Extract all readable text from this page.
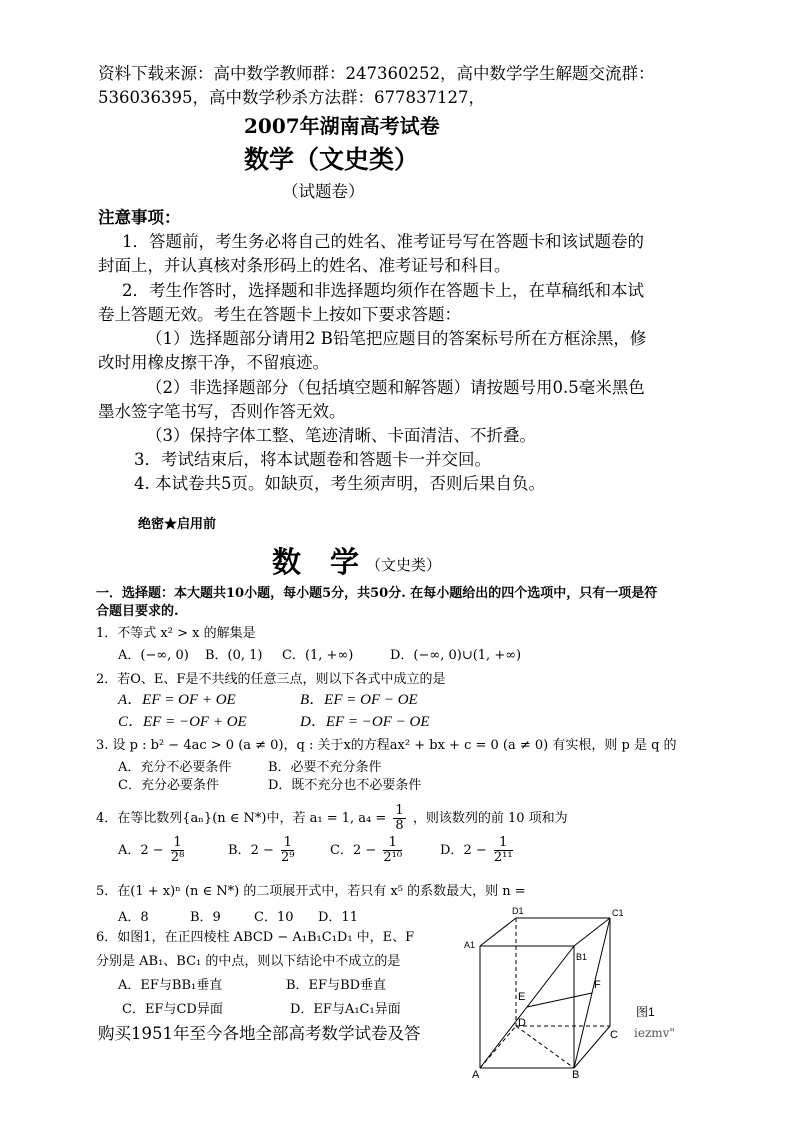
资料下载来源：高中数学教师群：247360252，高中数学学生解题交流群：
536036395，高中数学秒杀方法群：677837127，
2007年湖南高考试卷
数学（文史类）
（试题卷）
注意事项：
1．答题前，考生务必将自己的姓名、准考证号写在答题卡和该试题卷的
封面上，并认真核对条形码上的姓名、准考证号和科目。
2．考生作答时，选择题和非选择题均须作在答题卡上，在草稿纸和本试
卷上答题无效。考生在答题卡上按如下要求答题：
（1）选择题部分请用2 B铅笔把应题目的答案标号所在方框涂黑，修
改时用橡皮擦干净，不留痕迹。
（2）非选择题部分（包括填空题和解答题）请按题号用0.5毫米黑色
墨水签字笔书写，否则作答无效。
（3）保持字体工整、笔迹清晰、卡面清洁、不折叠。
3．考试结束后，将本试题卷和答题卡一并交回。
4. 本试卷共5页。如缺页，考生须声明，否则后果自负。
绝密★启用前
数　学 （文史类）
一．选择题：本大题共10小题，每小题5分，共50分. 在每小题给出的四个选项中，只有一项是符
合题目要求的.
1．不等式 x² > x 的解集是
A．(−∞, 0) B．(0, 1) C．(1, +∞)	D．(−∞, 0)∪(1, +∞)
2．若O、E、F是不共线的任意三点，则以下各式中成立的是
A．EF = OF + OE	B．EF = OF − OE
C．EF = −OF + OE	D．EF = −OF − OE
3. 设 p : b² − 4ac > 0 (a ≠ 0)，q : 关于x的方程ax² + bx + c = 0 (a ≠ 0) 有实根，则 p 是 q 的
A．充分不必要条件	B．必要不充分条件
C．充分必要条件	D．既不充分也不必要条件
4．在等比数列{aₙ}(n ∈ N*)中，若 a₁ = 1, $a_4 = \frac{1}{8}$ ，则该数列的前 10 项和为
A．$2 - \frac{1}{\text{2⁸}}$	B．$2 - \frac{1}{\text{2⁹}}$	C．$2 - \frac{1}{\text{2¹⁰}}$	D．$2 - \frac{1}{\text{2¹¹}}$
5．在(1 + x)ⁿ (n ∈ N*) 的二项展开式中，若只有 x⁵ 的系数最大，则 n =
A．8	B．9	C．10 D．11
6．如图1，在正四棱柱 ABCD − A₁B₁C₁D₁ 中，E、F
分别是 AB₁、BC₁ 的中点，则以下结论中不成立的是
A．EF与BB₁垂直	B．EF与BD垂直
C．EF与CD异面	D．EF与A₁C₁异面
购买1951年至今各地全部高考数学试卷及答	iezmv"
A1
D1	C1
B1
E
F
D
C
A	B
图1
